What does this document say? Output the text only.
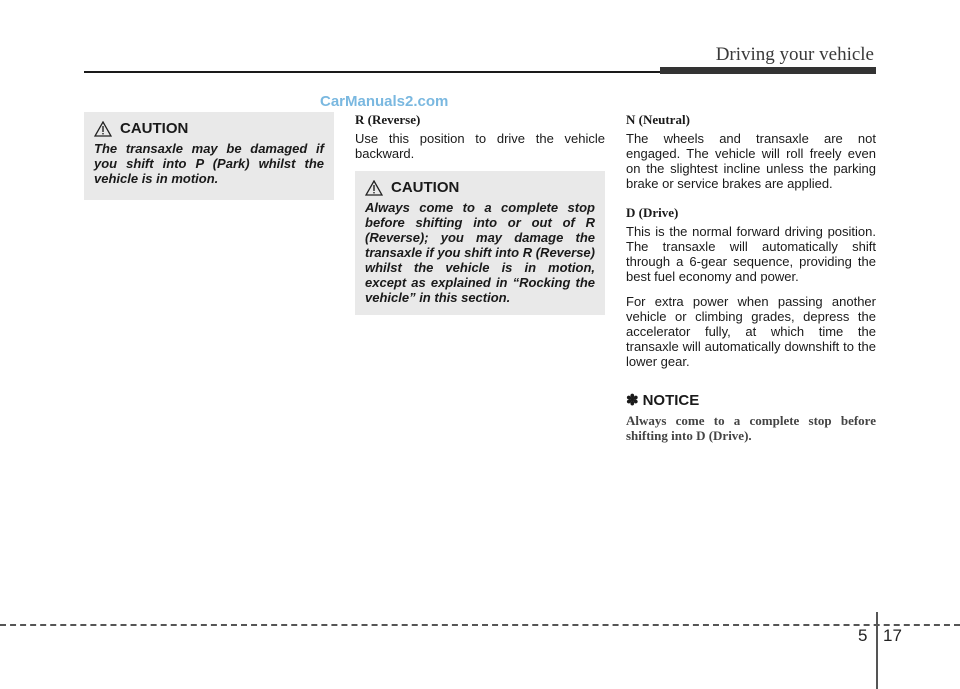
Driving your vehicle
CarManuals2.com
CAUTION
The transaxle may be damaged if you shift into P (Park) whilst the vehicle is in motion.
R (Reverse)
Use this position to drive the vehicle backward.
CAUTION
Always come to a complete stop before shifting into or out of R (Reverse); you may damage the transaxle if you shift into R (Reverse) whilst the vehicle is in motion, except as explained in “Rocking the vehicle” in this section.
N (Neutral)
The wheels and transaxle are not engaged. The vehicle will roll freely even on the slightest incline unless the parking brake or service brakes are applied.
D (Drive)
This is the normal forward driving position. The transaxle will automatically shift through a 6-gear sequence, providing the best fuel economy and power.
For extra power when passing another vehicle or climbing grades, depress the accelerator fully, at which time the transaxle will automatically downshift to the lower gear.
✽ NOTICE
Always come to a complete stop before shifting into D (Drive).
5 17
